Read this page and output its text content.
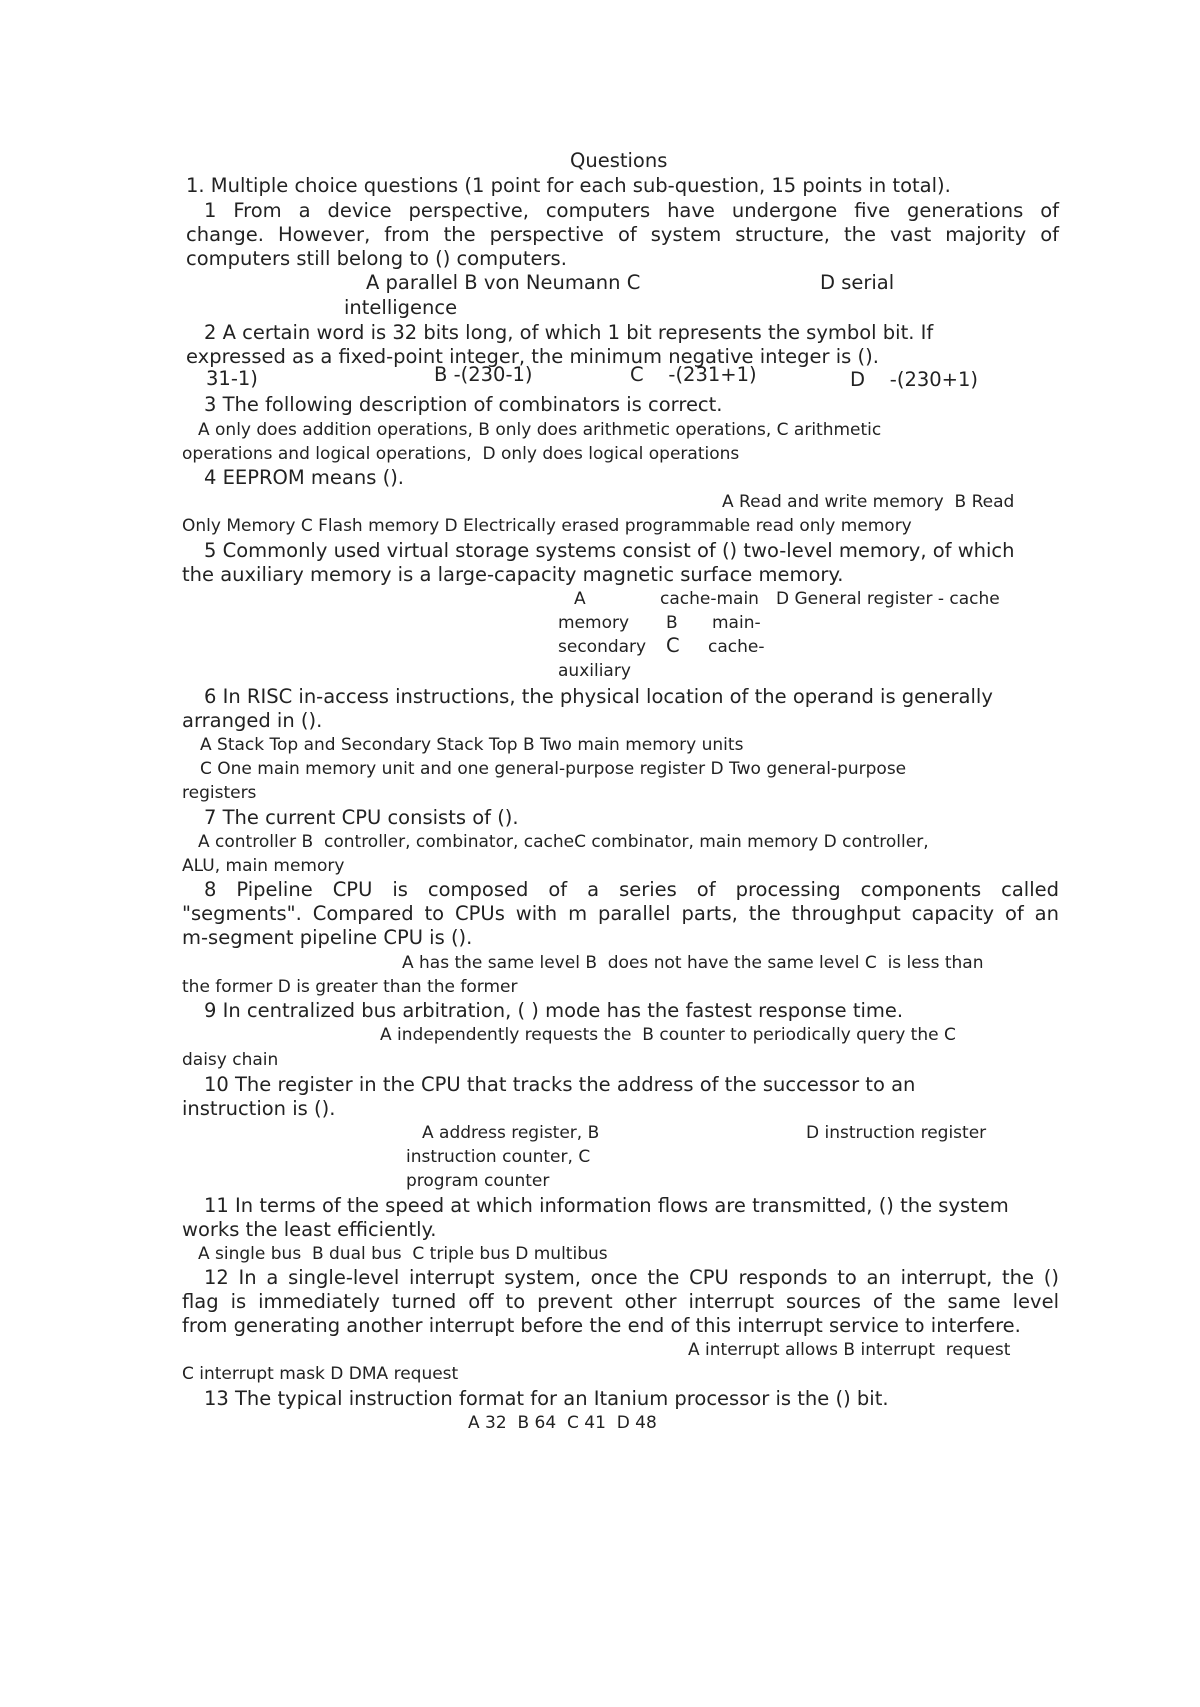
Questions
1. Multiple choice questions (1 point for each sub-question, 15 points in total).
1 From a device perspective, computers have undergone five generations of
change. However, from the perspective of system structure, the vast majority of
computers still belong to () computers.
A parallel B von Neumann C	D serial
intelligence
2 A certain word is 32 bits long, of which 1 bit represents the symbol bit. If
expressed as a fixed-point integer, the minimum negative integer is ().
31-1)	B -(230-1)	C    -(231+1)	D    -(230+1)
3 The following description of combinators is correct.
A only does addition operations, B only does arithmetic operations, C arithmetic
operations and logical operations,  D only does logical operations
4 EEPROM means ().
A Read and write memory  B Read
Only Memory C Flash memory D Electrically erased programmable read only memory
5 Commonly used virtual storage systems consist of () two-level memory, of which
the auxiliary memory is a large-capacity magnetic surface memory.
A
memory
secondary
auxiliary
B
C
cache-main
main-
cache-
D General register - cache
6 In RISC in-access instructions, the physical location of the operand is generally
arranged in ().
A Stack Top and Secondary Stack Top B Two main memory units
C One main memory unit and one general-purpose register D Two general-purpose
registers
7 The current CPU consists of ().
A controller B  controller, combinator, cacheC combinator, main memory D controller,
ALU, main memory
8 Pipeline CPU is composed of a series of processing components called
"segments". Compared to CPUs with m parallel parts, the throughput capacity of an
m-segment pipeline CPU is ().
A has the same level B  does not have the same level C  is less than
the former D is greater than the former
9 In centralized bus arbitration, ( ) mode has the fastest response time.
A independently requests the  B counter to periodically query the C
daisy chain
10 The register in the CPU that tracks the address of the successor to an
instruction is ().
A address register, B
instruction counter, C
program counter
D instruction register
11 In terms of the speed at which information flows are transmitted, () the system
works the least efficiently.
A single bus  B dual bus  C triple bus D multibus
12 In a single-level interrupt system, once the CPU responds to an interrupt, the ()
flag is immediately turned off to prevent other interrupt sources of the same level
from generating another interrupt before the end of this interrupt service to interfere.
A interrupt allows B interrupt  request
C interrupt mask D DMA request
13 The typical instruction format for an Itanium processor is the () bit.
A 32  B 64  C 41  D 48
